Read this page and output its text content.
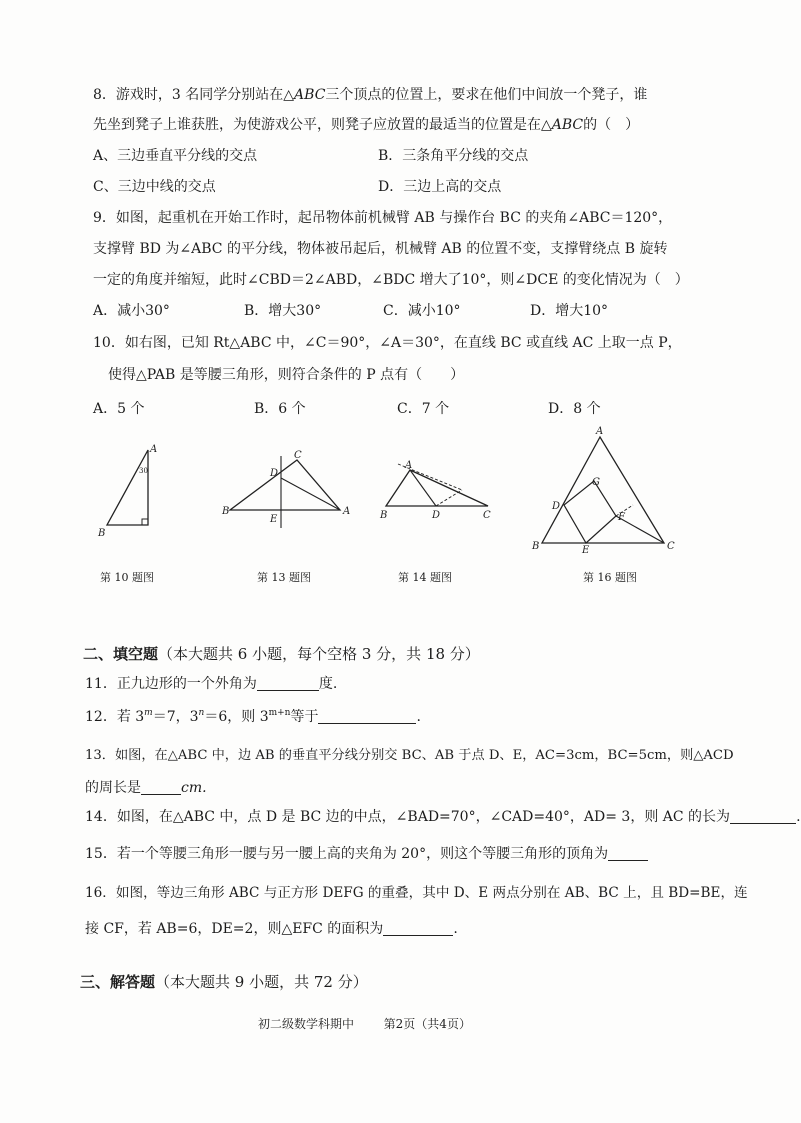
8．游戏时，3 名同学分别站在△ABC三个顶点的位置上，要求在他们中间放一个凳子，谁
先坐到凳子上谁获胜，为使游戏公平，则凳子应放置的最适当的位置是在△ABC的（　）
A、三边垂直平分线的交点	B．三条角平分线的交点
C、三边中线的交点	D．三边上高的交点
9．如图，起重机在开始工作时，起吊物体前机械臂 AB 与操作台 BC 的夹角∠ABC＝120°，
支撑臂 BD 为∠ABC 的平分线，物体被吊起后，机械臂 AB 的位置不变，支撑臂绕点 B 旋转
一定的角度并缩短，此时∠CBD＝2∠ABD，∠BDC 增大了10°，则∠DCE 的变化情况为（　）
A．减小30°	B．增大30°	C．减小10°	D．增大10°
10．如右图，已知 Rt△ABC 中，∠C＝90°，∠A＝30°，在直线 BC 或直线 AC 上取一点 P，
使得△PAB 是等腰三角形，则符合条件的 P 点有（　　）
A．5 个	B．6 个	C．7 个	D．8 个
A
B
30
第 10 题图
C
D
B
E
A
第 13 题图
A
B	D	C
第 14 题图
A
G
D
F
B	E	C
第 16 题图
二、填空题（本大题共 6 小题，每个空格 3 分，共 18 分）
11．正九边形的一个外角为	度.
12．若 $3^m=7$，$3^n=6$，则 $3^{m+n}$等于	.
13．如图，在△ABC 中，边 AB 的垂直平分线分别交 BC、AB 于点 D、E，AC=3cm，BC=5cm，则△ACD
的周长是	cm.
14．如图，在△ABC 中，点 D 是 BC 边的中点，∠BAD=70°，∠CAD=40°，AD= 3，则 AC 的长为	.
15．若一个等腰三角形一腰与另一腰上高的夹角为 20°，则这个等腰三角形的顶角为
16．如图，等边三角形 ABC 与正方形 DEFG 的重叠，其中 D、E 两点分别在 AB、BC 上，且 BD=BE，连
接 CF，若 AB=6，DE=2，则△EFC 的面积为	.
三、解答题（本大题共 9 小题，共 72 分）
初二级数学科期中 第2页（共4页）
